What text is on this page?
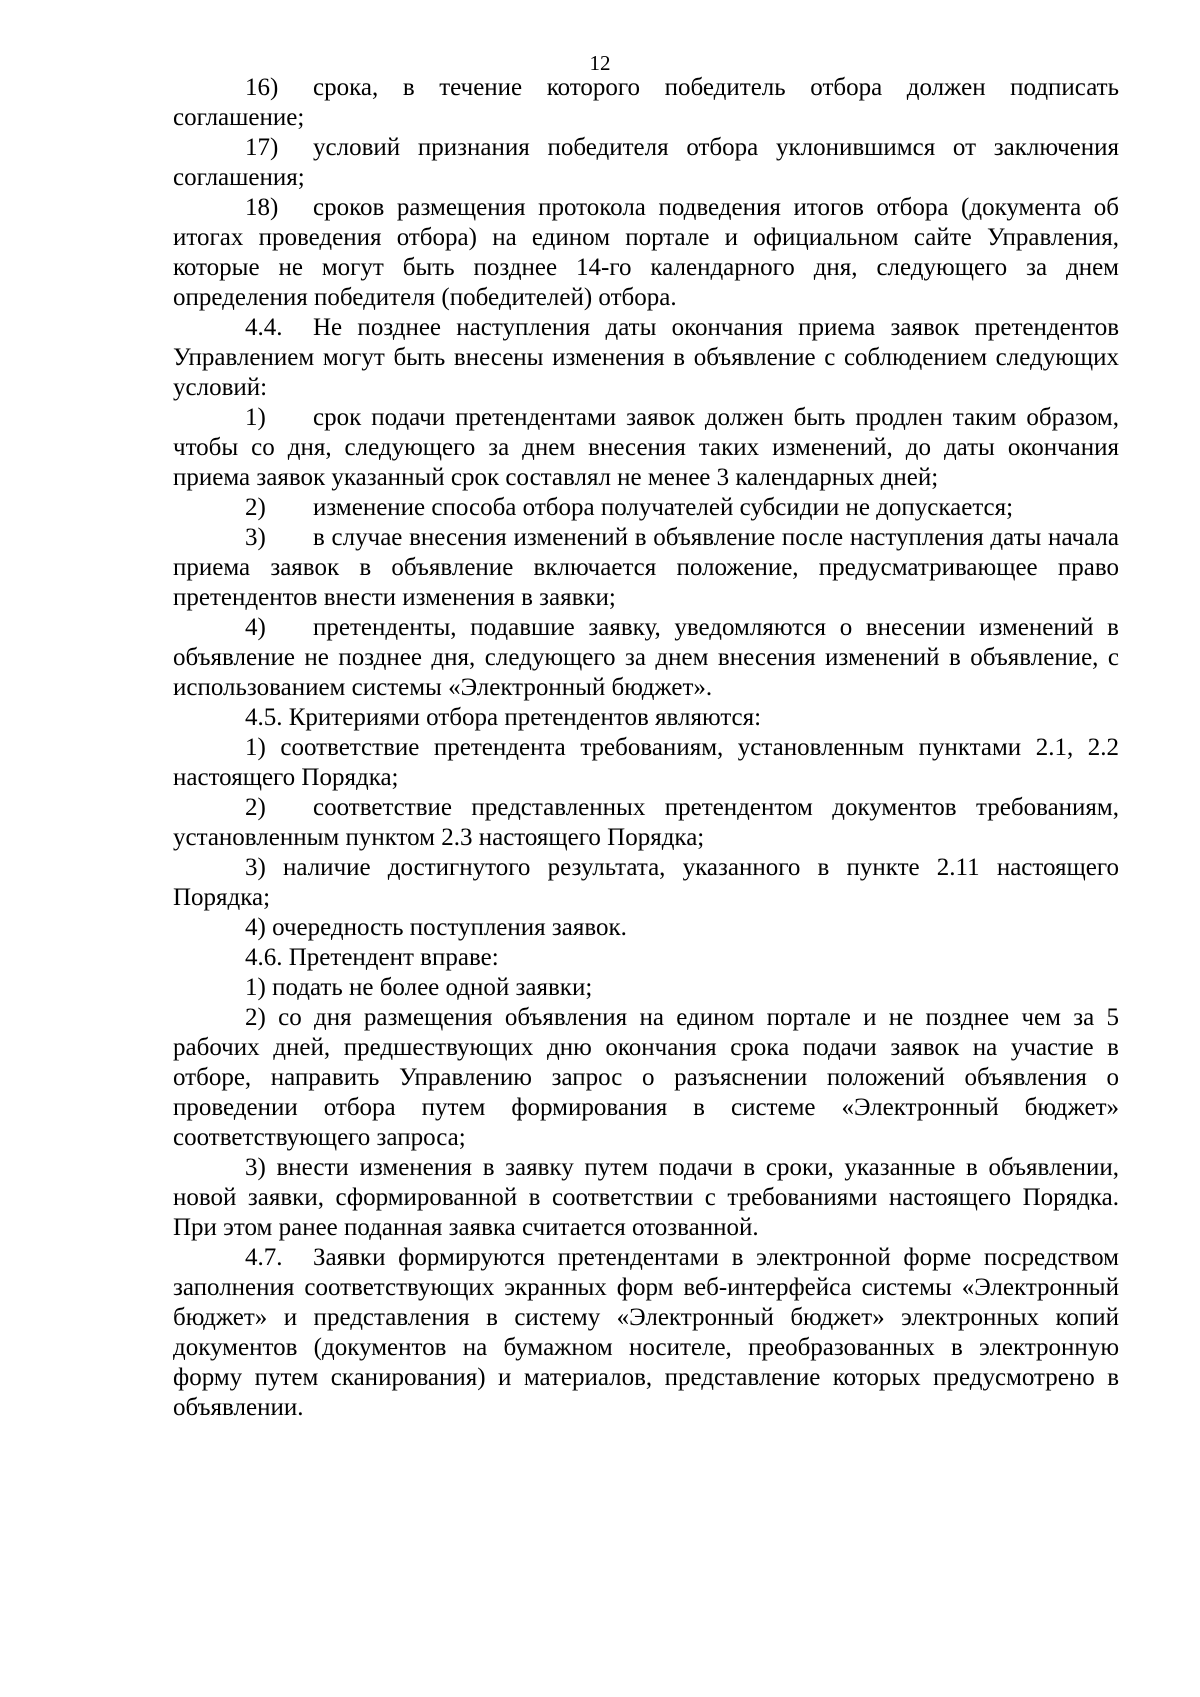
12

16) срока, в течение которого победитель отбора должен подписать соглашение;

17) условий признания победителя отбора уклонившимся от заключения соглашения;

18) сроков размещения протокола подведения итогов отбора (документа об итогах проведения отбора) на едином портале и официальном сайте Управления, которые не могут быть позднее 14-го календарного дня, следующего за днем определения победителя (победителей) отбора.

4.4. Не позднее наступления даты окончания приема заявок претендентов Управлением могут быть внесены изменения в объявление с соблюдением следующих условий:

1) срок подачи претендентами заявок должен быть продлен таким образом, чтобы со дня, следующего за днем внесения таких изменений, до даты окончания приема заявок указанный срок составлял не менее 3 календарных дней;

2) изменение способа отбора получателей субсидии не допускается;

3) в случае внесения изменений в объявление после наступления даты начала приема заявок в объявление включается положение, предусматривающее право претендентов внести изменения в заявки;

4) претенденты, подавшие заявку, уведомляются о внесении изменений в объявление не позднее дня, следующего за днем внесения изменений в объявление, с использованием системы «Электронный бюджет».

4.5. Критериями отбора претендентов являются:

1) соответствие претендента требованиям, установленным пунктами 2.1, 2.2 настоящего Порядка;

2) соответствие представленных претендентом документов требованиям, установленным пунктом 2.3 настоящего Порядка;

3) наличие достигнутого результата, указанного в пункте 2.11 настоящего Порядка;

4) очередность поступления заявок.

4.6. Претендент вправе:

1) подать не более одной заявки;

2) со дня размещения объявления на едином портале и не позднее чем за 5 рабочих дней, предшествующих дню окончания срока подачи заявок на участие в отборе, направить Управлению запрос о разъяснении положений объявления о проведении отбора путем формирования в системе «Электронный бюджет» соответствующего запроса;

3) внести изменения в заявку путем подачи в сроки, указанные в объявлении, новой заявки, сформированной в соответствии с требованиями настоящего Порядка. При этом ранее поданная заявка считается отозванной.

4.7. Заявки формируются претендентами в электронной форме посредством заполнения соответствующих экранных форм веб-интерфейса системы «Электронный бюджет» и представления в систему «Электронный бюджет» электронных копий документов (документов на бумажном носителе, преобразованных в электронную форму путем сканирования) и материалов, представление которых предусмотрено в объявлении.
